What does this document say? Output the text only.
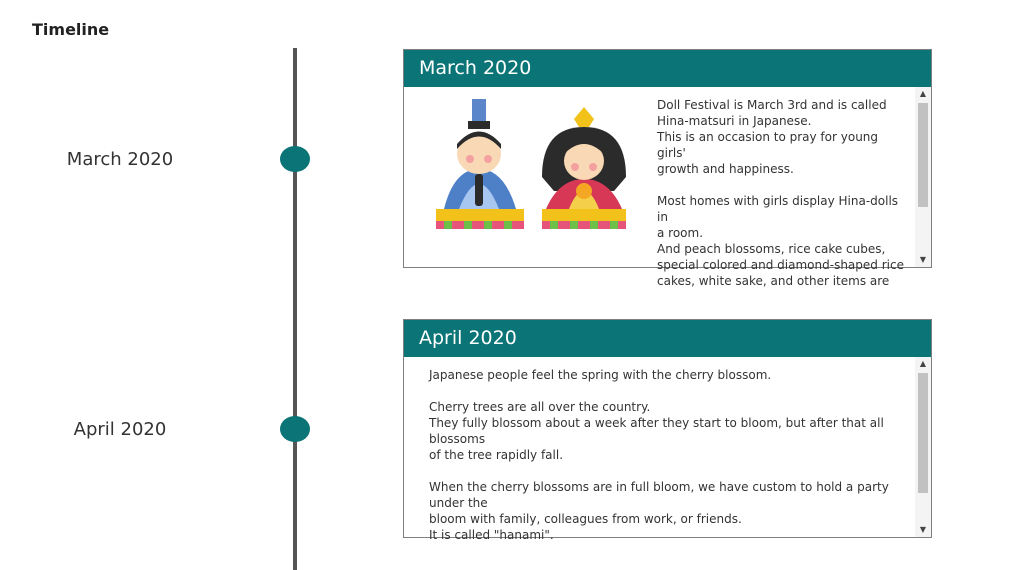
Timeline
March 2020
April 2020
March 2020
Doll Festival is March 3rd and is called
Hina-matsuri in Japanese.
This is an occasion to pray for young girls'
growth and happiness.

Most homes with girls display Hina-dolls in
a room.
And peach blossoms, rice cake cubes,
special colored and diamond-shaped rice
cakes, white sake, and other items are
▲
▼
April 2020
Japanese people feel the spring with the cherry blossom.

Cherry trees are all over the country.
They fully blossom about a week after they start to bloom, but after that all blossoms
of the tree rapidly fall.

When the cherry blossoms are in full bloom, we have custom to hold a party under the
bloom with family, colleagues from work, or friends.
It is called "hanami".
▲
▼
